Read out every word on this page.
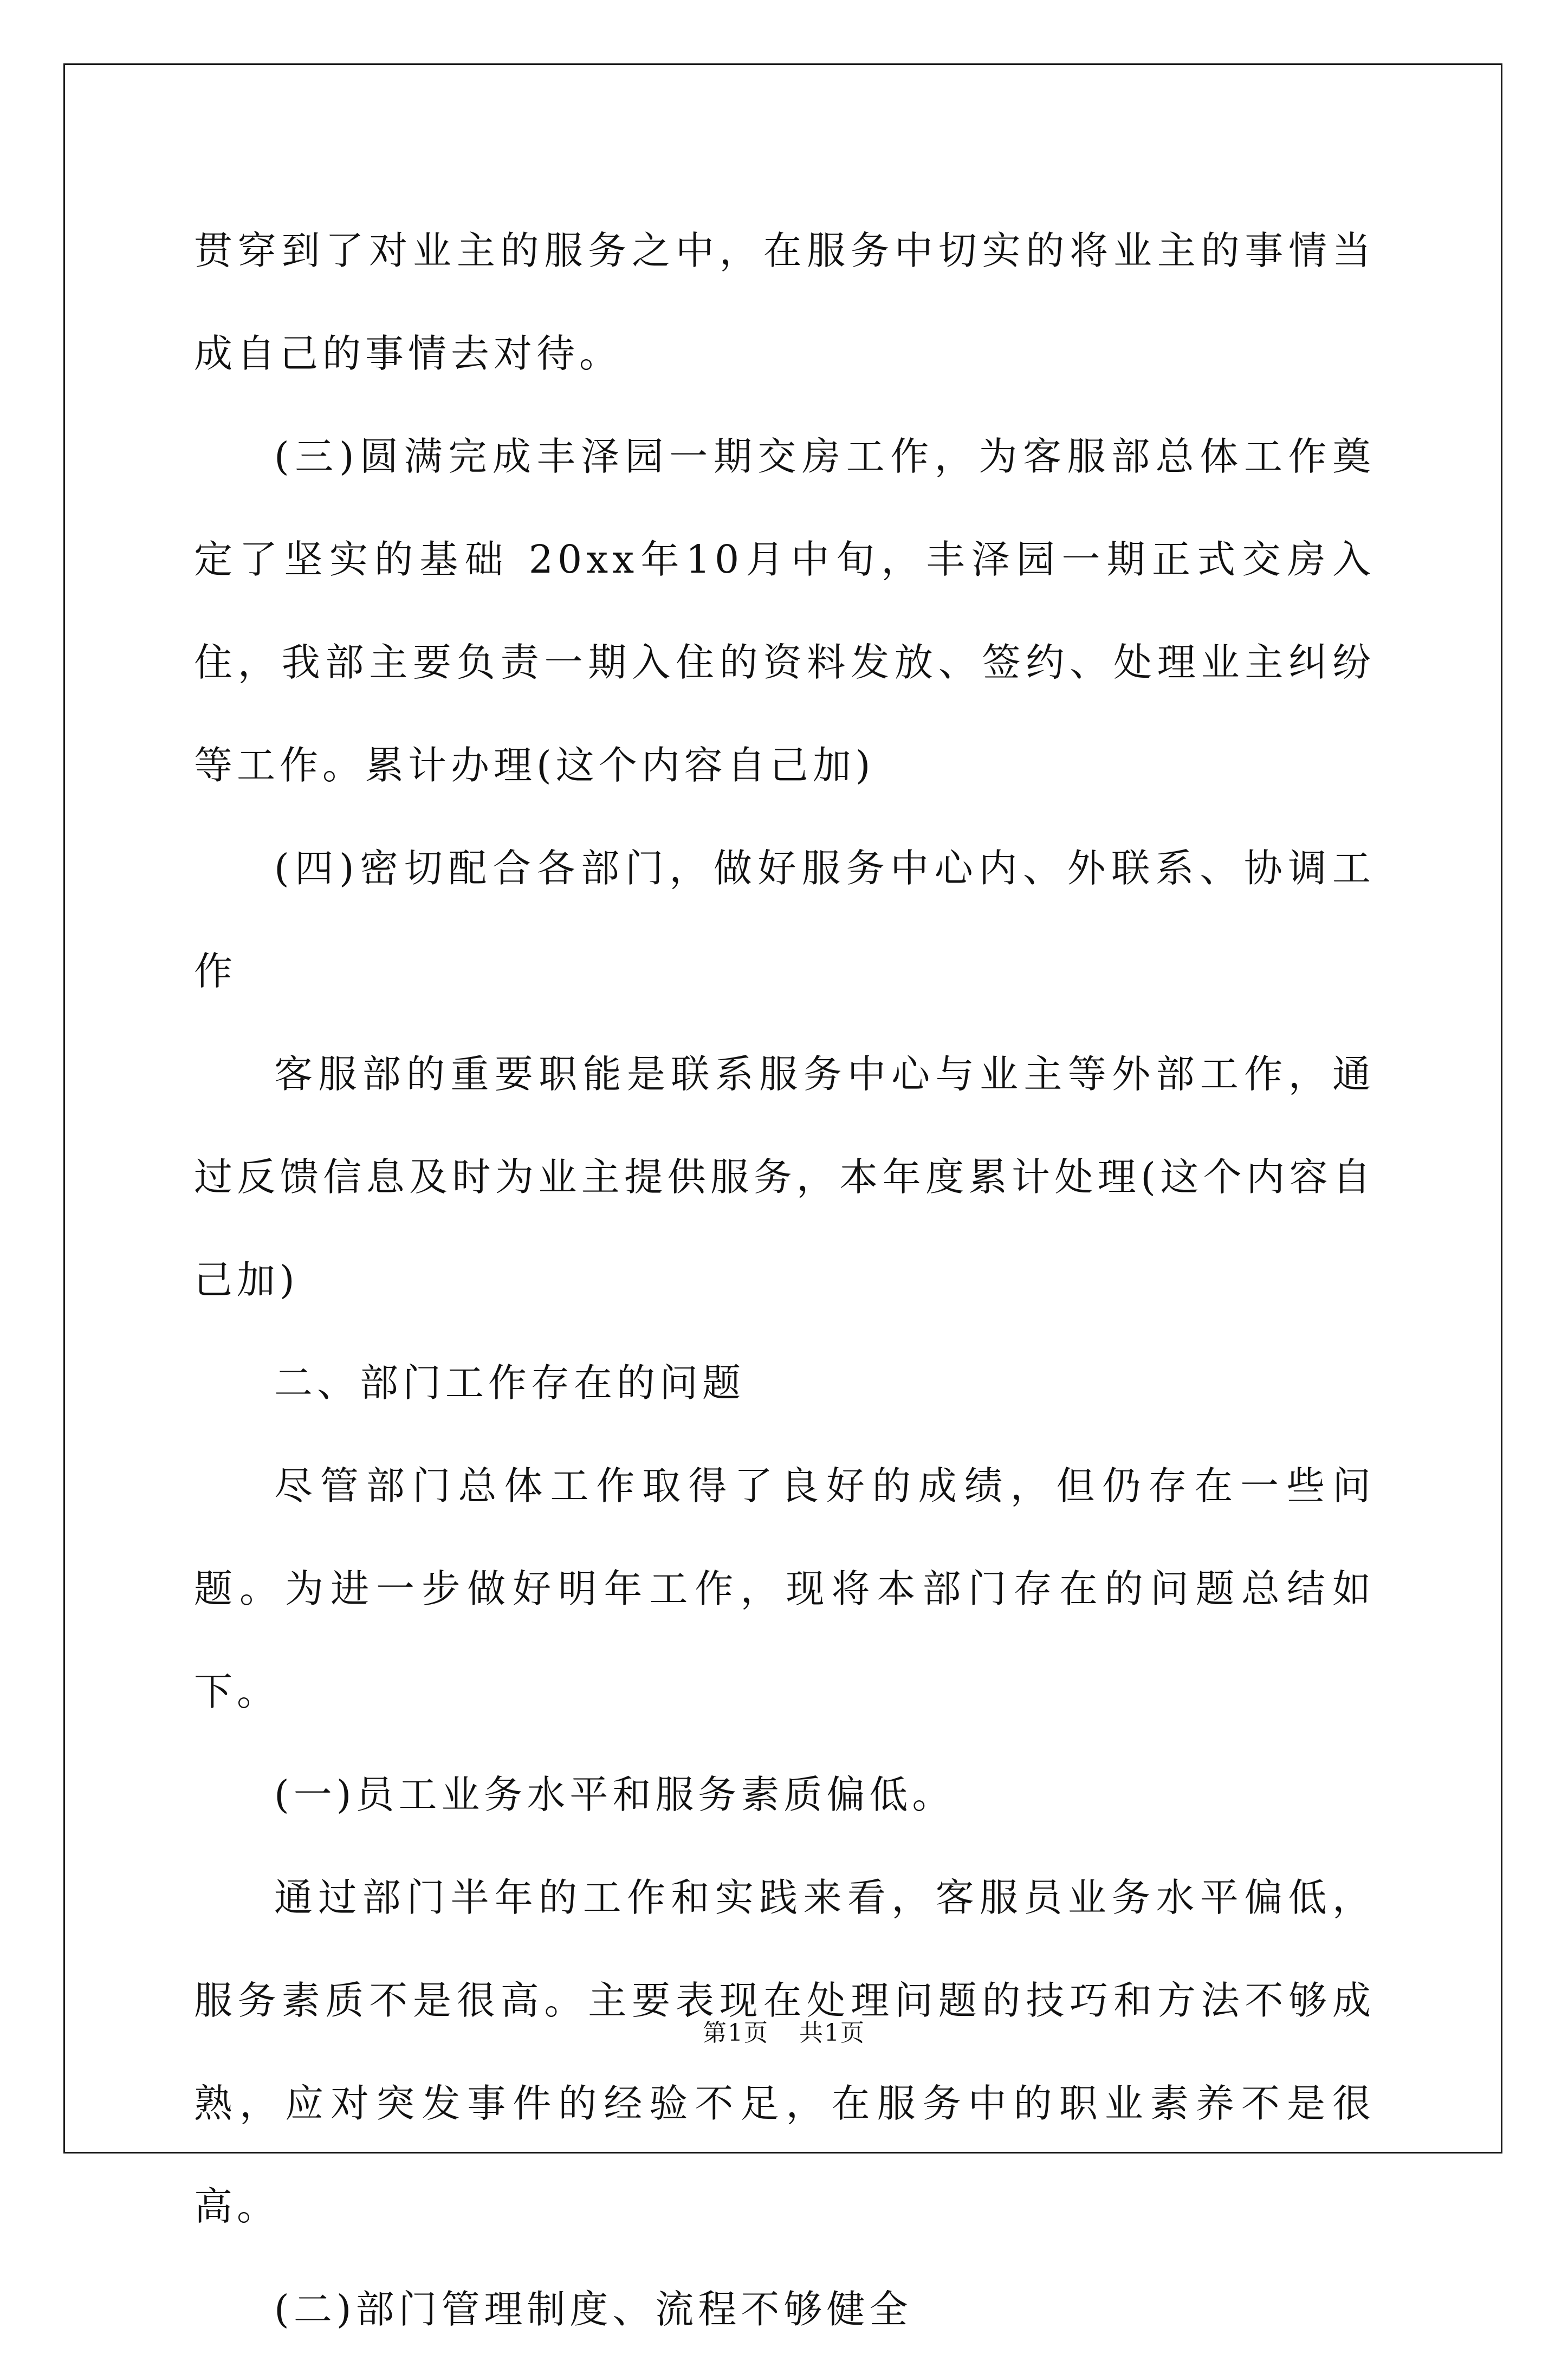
贯穿到了对业主的服务之中，在服务中切实的将业主的事情当成自己的事情去对待。

(三)圆满完成丰泽园一期交房工作，为客服部总体工作奠定了坚实的基础 20xx年10月中旬，丰泽园一期正式交房入住，我部主要负责一期入住的资料发放、签约、处理业主纠纷等工作。累计办理(这个内容自己加)

(四)密切配合各部门，做好服务中心内、外联系、协调工作

客服部的重要职能是联系服务中心与业主等外部工作，通过反馈信息及时为业主提供服务，本年度累计处理(这个内容自己加)

二、部门工作存在的问题

尽管部门总体工作取得了良好的成绩，但仍存在一些问题。为进一步做好明年工作，现将本部门存在的问题总结如下。

(一)员工业务水平和服务素质偏低。

通过部门半年的工作和实践来看，客服员业务水平偏低，服务素质不是很高。主要表现在处理问题的技巧和方法不够成熟，应对突发事件的经验不足，在服务中的职业素养不是很高。

(二)部门管理制度、流程不够健全

第1页 共1页
